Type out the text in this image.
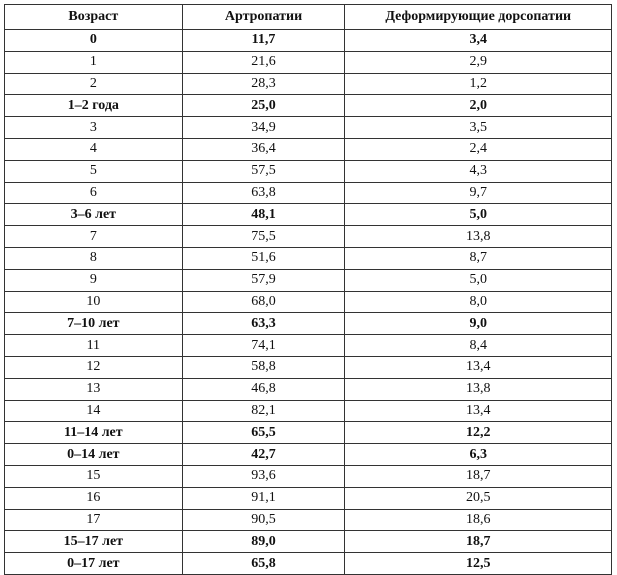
Возраст	Артропатии	Деформирующие дорсопатии
0	11,7	3,4
1	21,6	2,9
2	28,3	1,2
1–2 года	25,0	2,0
3	34,9	3,5
4	36,4	2,4
5	57,5	4,3
6	63,8	9,7
3–6 лет	48,1	5,0
7	75,5	13,8
8	51,6	8,7
9	57,9	5,0
10	68,0	8,0
7–10 лет	63,3	9,0
11	74,1	8,4
12	58,8	13,4
13	46,8	13,8
14	82,1	13,4
11–14 лет	65,5	12,2
0–14 лет	42,7	6,3
15	93,6	18,7
16	91,1	20,5
17	90,5	18,6
15–17 лет	89,0	18,7
0–17 лет	65,8	12,5
